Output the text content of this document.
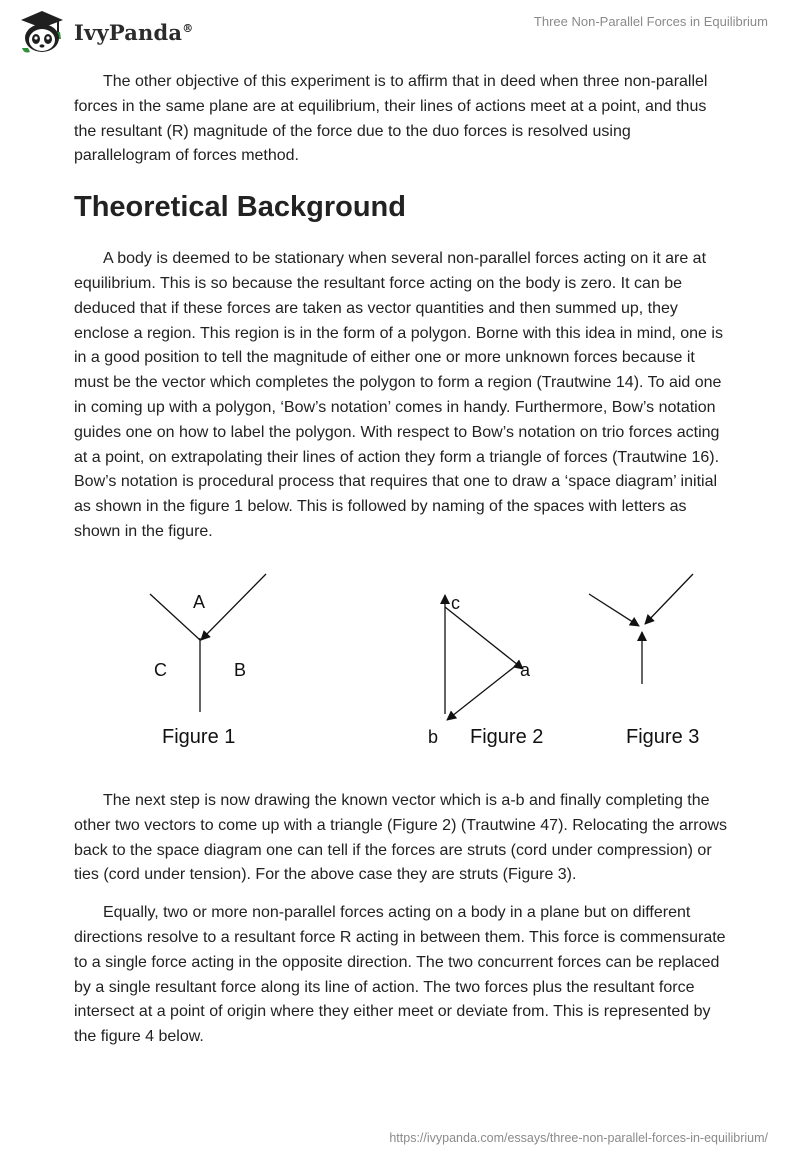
IvyPanda®	Three Non-Parallel Forces in Equilibrium

The other objective of this experiment is to affirm that in deed when three non-parallel forces in the same plane are at equilibrium, their lines of actions meet at a point, and thus the resultant (R) magnitude of the force due to the duo forces is resolved using parallelogram of forces method.

Theoretical Background

A body is deemed to be stationary when several non-parallel forces acting on it are at equilibrium. This is so because the resultant force acting on the body is zero. It can be deduced that if these forces are taken as vector quantities and then summed up, they enclose a region. This region is in the form of a polygon. Borne with this idea in mind, one is in a good position to tell the magnitude of either one or more unknown forces because it must be the vector which completes the polygon to form a region (Trautwine 14). To aid one in coming up with a polygon, ‘Bow’s notation’ comes in handy. Furthermore, Bow’s notation guides one on how to label the polygon. With respect to Bow’s notation on trio forces acting at a point, on extrapolating their lines of action they form a triangle of forces (Trautwine 16). Bow’s notation is procedural process that requires that one to draw a ‘space diagram’ initial as shown in the figure 1 below. This is followed by naming of the spaces with letters as shown in the figure.

A
C	B
Figure 1
c
a
b Figure 2	Figure 3

The next step is now drawing the known vector which is a-b and finally completing the other two vectors to come up with a triangle (Figure 2) (Trautwine 47). Relocating the arrows back to the space diagram one can tell if the forces are struts (cord under compression) or ties (cord under tension). For the above case they are struts (Figure 3).

Equally, two or more non-parallel forces acting on a body in a plane but on different directions resolve to a resultant force R acting in between them. This force is commensurate to a single force acting in the opposite direction. The two concurrent forces can be replaced by a single resultant force along its line of action. The two forces plus the resultant force intersect at a point of origin where they either meet or deviate from. This is represented by the figure 4 below.

https://ivypanda.com/essays/three-non-parallel-forces-in-equilibrium/
